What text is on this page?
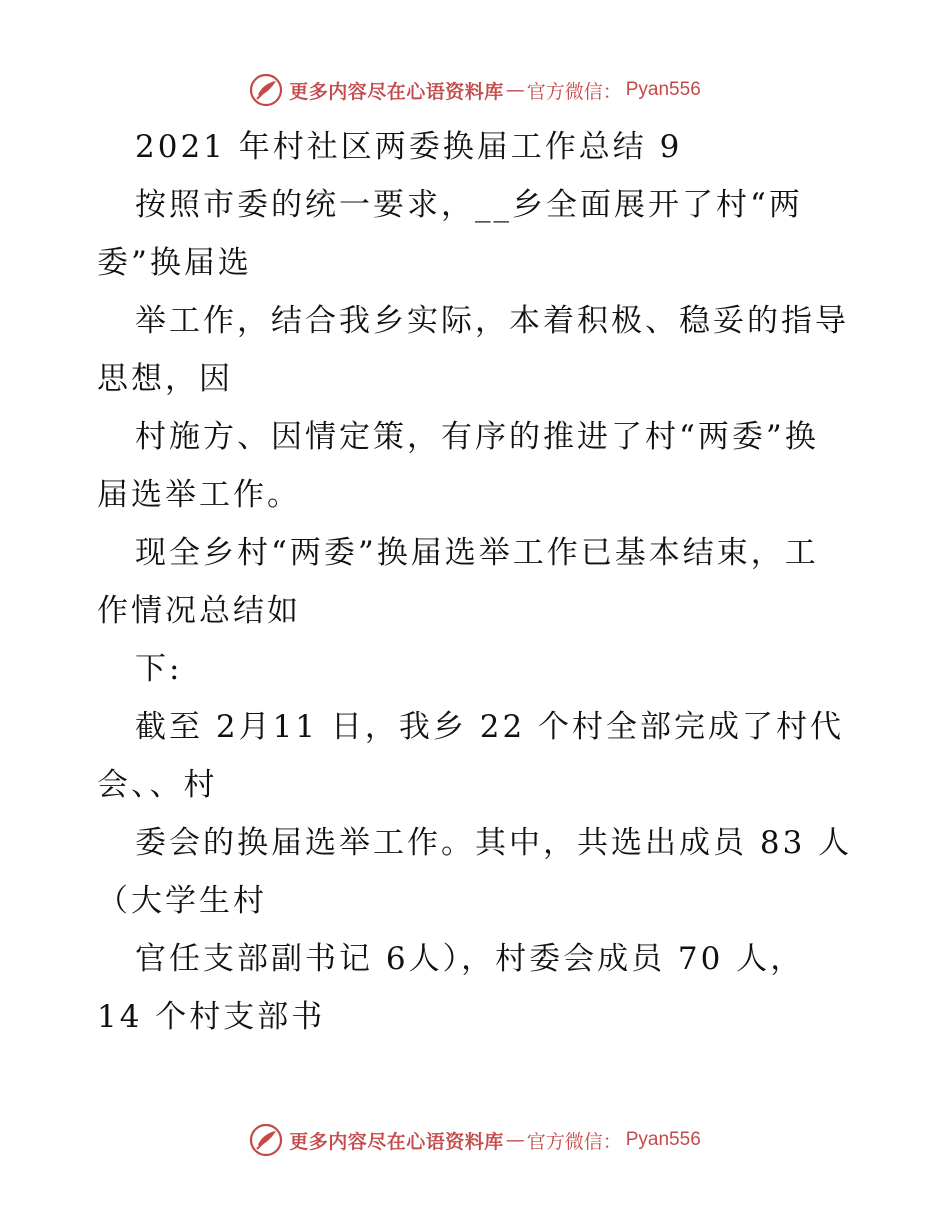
更多内容尽在心语资料库 — 官方微信： Pyan556
2021 年村社区两委换届工作总结 9
按照市委的统一要求，__乡全面展开了村“两
委”换届选
举工作，结合我乡实际，本着积极、稳妥的指导
思想，因
村施方、因情定策，有序的推进了村“两委”换
届选举工作。
现全乡村“两委”换届选举工作已基本结束，工
作情况总结如
下:
截至 2月11 日，我乡 22 个村全部完成了村代
会、、村
委会的换届选举工作。其中，共选出成员 83 人
（大学生村
官任支部副书记 6人），村委会成员 70 人，
14 个村支部书
更多内容尽在心语资料库 — 官方微信： Pyan556
